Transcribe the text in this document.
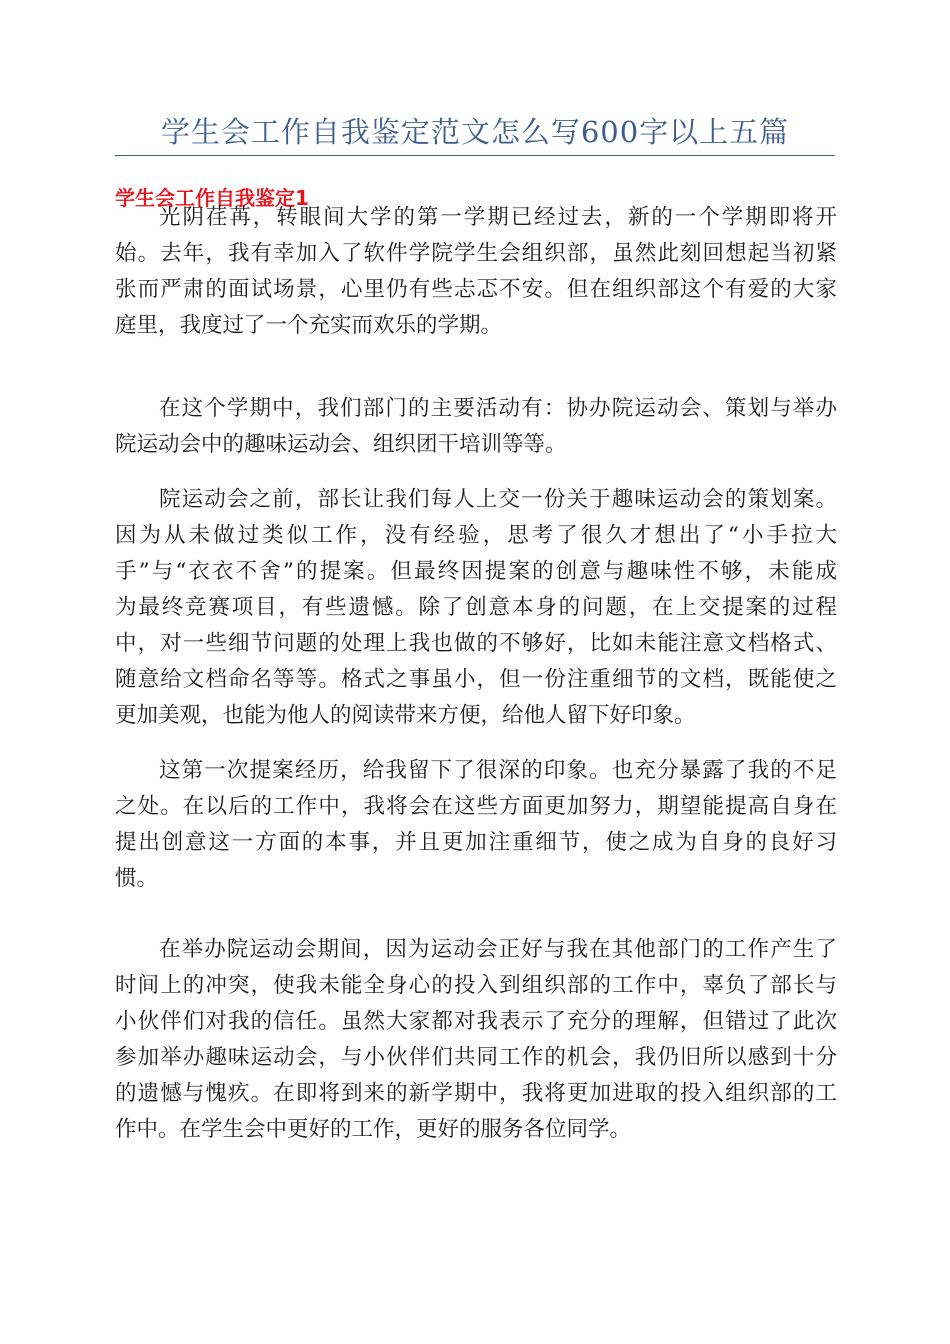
学生会工作自我鉴定范文怎么写600字以上五篇
学生会工作自我鉴定1
光阴荏苒，转眼间大学的第一学期已经过去，新的一个学期即将开
始。去年，我有幸加入了软件学院学生会组织部，虽然此刻回想起当初紧
张而严肃的面试场景，心里仍有些忐忑不安。但在组织部这个有爱的大家
庭里，我度过了一个充实而欢乐的学期。
在这个学期中，我们部门的主要活动有：协办院运动会、策划与举办
院运动会中的趣味运动会、组织团干培训等等。
院运动会之前，部长让我们每人上交一份关于趣味运动会的策划案。
因为从未做过类似工作，没有经验，思考了很久才想出了“小手拉大
手”与“衣衣不舍”的提案。但最终因提案的创意与趣味性不够，未能成
为最终竞赛项目，有些遗憾。除了创意本身的问题，在上交提案的过程
中，对一些细节问题的处理上我也做的不够好，比如未能注意文档格式、
随意给文档命名等等。格式之事虽小，但一份注重细节的文档，既能使之
更加美观，也能为他人的阅读带来方便，给他人留下好印象。
这第一次提案经历，给我留下了很深的印象。也充分暴露了我的不足
之处。在以后的工作中，我将会在这些方面更加努力，期望能提高自身在
提出创意这一方面的本事，并且更加注重细节，使之成为自身的良好习
惯。
在举办院运动会期间，因为运动会正好与我在其他部门的工作产生了
时间上的冲突，使我未能全身心的投入到组织部的工作中，辜负了部长与
小伙伴们对我的信任。虽然大家都对我表示了充分的理解，但错过了此次
参加举办趣味运动会，与小伙伴们共同工作的机会，我仍旧所以感到十分
的遗憾与愧疚。在即将到来的新学期中，我将更加进取的投入组织部的工
作中。在学生会中更好的工作，更好的服务各位同学。
